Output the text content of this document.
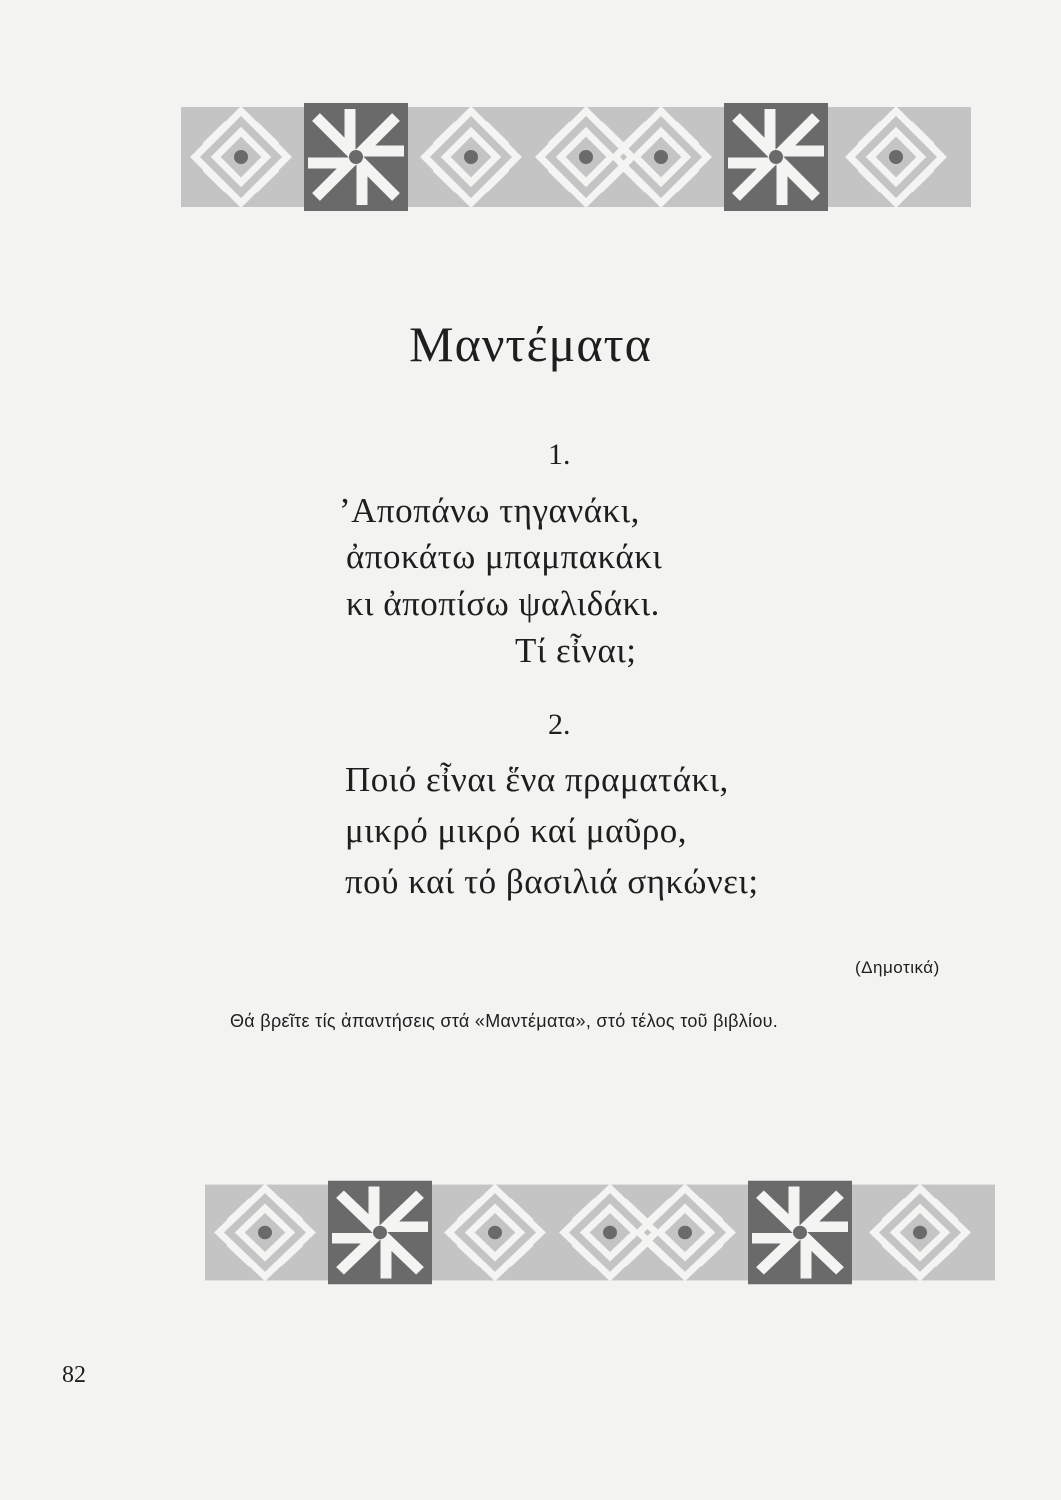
Μαντέματα
1.
’Αποπάνω τηγανάκι,
ἀποκάτω μπαμπακάκι
κι ἀποπίσω ψαλιδάκι.
Τί εἶναι;
2.
Ποιό εἶναι ἕνα πραματάκι,
μικρό μικρό καί μαῦρο,
πού καί τό βασιλιά σηκώνει;
(Δημοτικά)
Θά βρεῖτε τίς ἀπαντήσεις στά «Μαντέματα», στό τέλος τοῦ βιβλίου.
82
